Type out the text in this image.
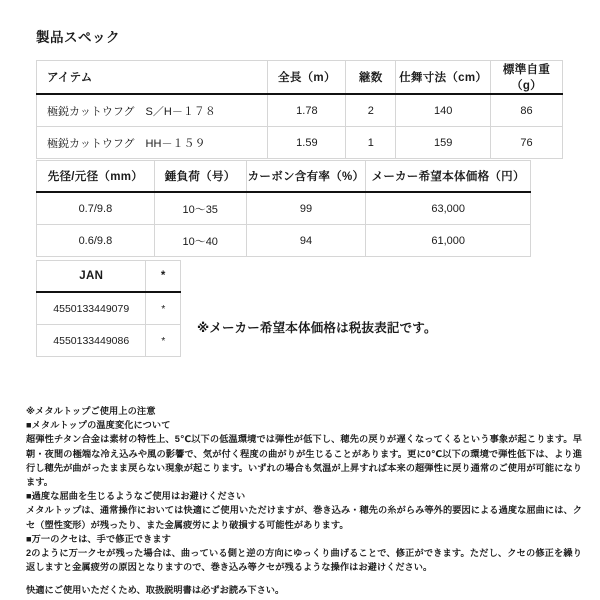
製品スペック
アイテム	全長（m）	継数	仕舞寸法（cm）	標準自重（g）
極鋭カットウフグ　S／H－１７８	1.78	2	140	86
極鋭カットウフグ　HH－１５９	1.59	1	159	76
先径/元径（mm）	錘負荷（号）	カーボン含有率（%）	メーカー希望本体価格（円）
0.7/9.8	10〜35	99	63,000
0.6/9.8	10〜40	94	61,000
JAN	*
4550133449079	*
4550133449086	*
※メーカー希望本体価格は税抜表記です。

※メタルトップご使用上の注意

■メタルトップの温度変化について

超弾性チタン合金は素材の特性上、5℃以下の低温環境では弾性が低下し、穂先の戻りが遅くなってくるという事象が起こります。早朝・夜間の極端な冷え込みや風の影響で、気が付く程度の曲がりが生じることがあります。更に0℃以下の環境で弾性低下は、より進行し穂先が曲がったまま戻らない現象が起こります。いずれの場合も気温が上昇すれば本来の超弾性に戻り通常のご使用が可能になります。

■過度な屈曲を生じるようなご使用はお避けください

メタルトップは、通常操作においては快適にご使用いただけますが、巻き込み・穂先の糸がらみ等外的要因による過度な屈曲には、クセ（塑性変形）が残ったり、また金属疲労により破損する可能性があります。

■万一のクセは、手で修正できます

2のように万一クセが残った場合は、曲っている側と逆の方向にゆっくり曲げることで、修正ができます。ただし、クセの修正を繰り返しますと金属疲労の原因となりますので、巻き込み等クセが残るような操作はお避けください。

快適にご使用いただくため、取扱説明書は必ずお読み下さい。
